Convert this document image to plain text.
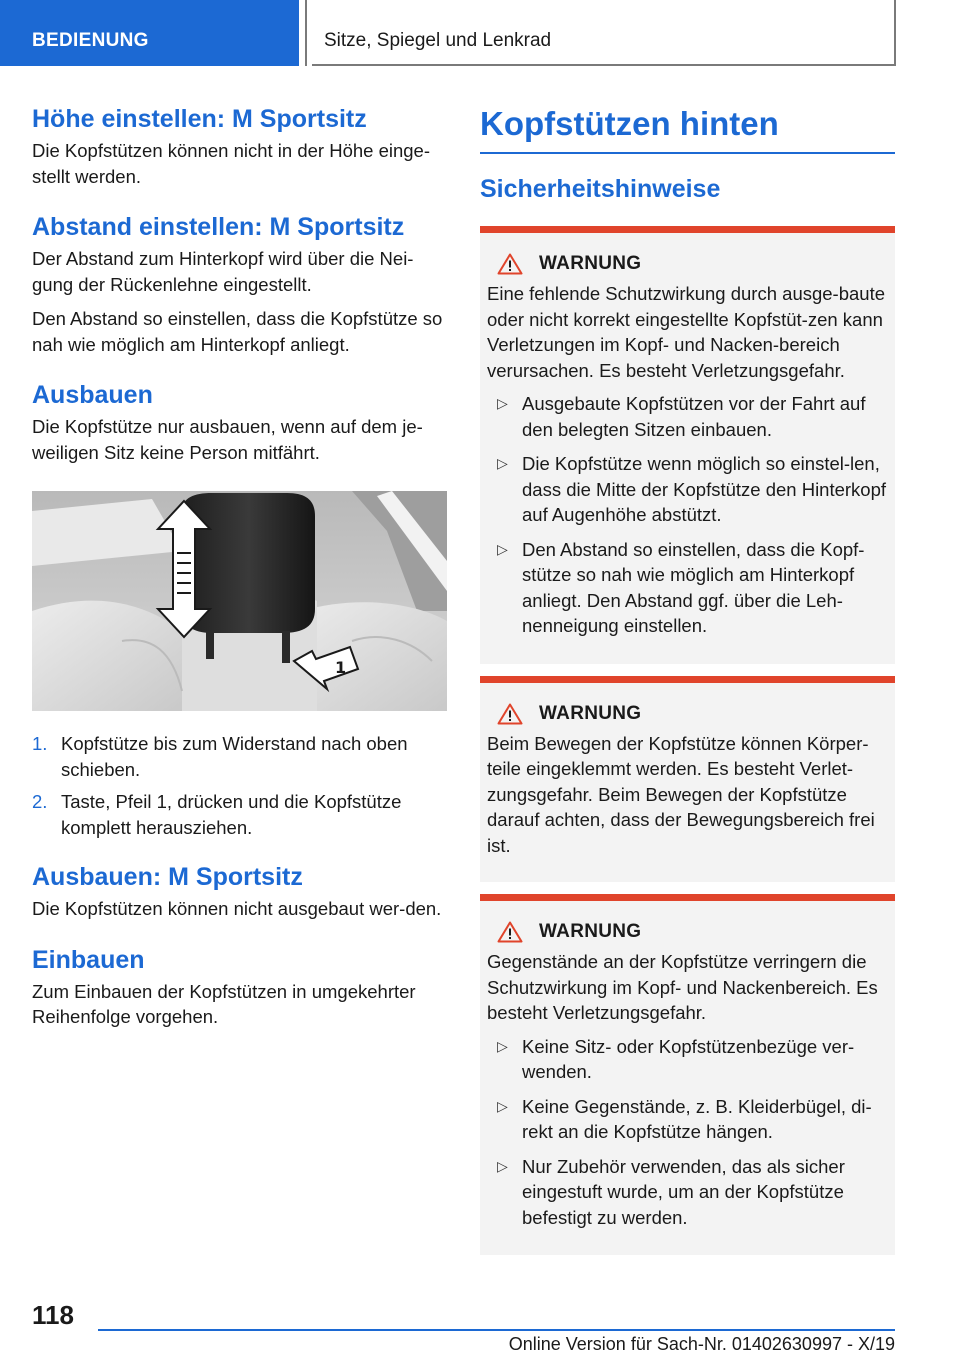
BEDIENUNG	Sitze, Spiegel und Lenkrad
Höhe einstellen: M Sportsitz

Die Kopfstützen können nicht in der Höhe einge-stellt werden.

Abstand einstellen: M Sportsitz

Der Abstand zum Hinterkopf wird über die Nei-gung der Rückenlehne eingestellt.

Den Abstand so einstellen, dass die Kopfstütze so nah wie möglich am Hinterkopf anliegt.

Ausbauen

Die Kopfstütze nur ausbauen, wenn auf dem je-weiligen Sitz keine Person mitfährt.

1
1. Kopfstütze bis zum Widerstand nach oben schieben.
2. Taste, Pfeil 1, drücken und die Kopfstütze komplett herausziehen.
Ausbauen: M Sportsitz

Die Kopfstützen können nicht ausgebaut wer-den.

Einbauen

Zum Einbauen der Kopfstützen in umgekehrter Reihenfolge vorgehen.

Kopfstützen hinten
Sicherheitshinweise
WARNUNG

Eine fehlende Schutzwirkung durch ausge-baute oder nicht korrekt eingestellte Kopfstüt-zen kann Verletzungen im Kopf- und Nacken-bereich verursachen. Es besteht Verletzungsgefahr.

▷ Ausgebaute Kopfstützen vor der Fahrt auf den belegten Sitzen einbauen.
▷ Die Kopfstütze wenn möglich so einstel-len, dass die Mitte der Kopfstütze den Hinterkopf auf Augenhöhe abstützt.
▷ Den Abstand so einstellen, dass die Kopf-stütze so nah wie möglich am Hinterkopf anliegt. Den Abstand ggf. über die Leh-nenneigung einstellen.
WARNUNG

Beim Bewegen der Kopfstütze können Körper-teile eingeklemmt werden. Es besteht Verlet-zungsgefahr. Beim Bewegen der Kopfstütze darauf achten, dass der Bewegungsbereich frei ist.

WARNUNG

Gegenstände an der Kopfstütze verringern die Schutzwirkung im Kopf- und Nackenbereich. Es besteht Verletzungsgefahr.

▷ Keine Sitz- oder Kopfstützenbezüge ver-wenden.
▷ Keine Gegenstände, z. B. Kleiderbügel, di-rekt an die Kopfstütze hängen.
▷ Nur Zubehör verwenden, das als sicher eingestuft wurde, um an der Kopfstütze befestigt zu werden.
118
Online Version für Sach-Nr. 01402630997 - X/19
